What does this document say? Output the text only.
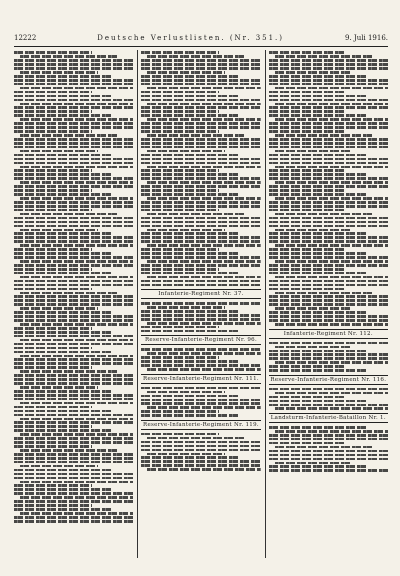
12222	Deutsche Verlustlisten. (Nr. 351.)	9. Juli 1916.
Infanterie-Regiment Nr. 37.
Reserve-Infanterie-Regiment Nr. 96.
Reserve-Infanterie-Regiment Nr. 111.
Reserve-Infanterie-Regiment Nr. 119.
Infanterie-Regiment Nr. 112.
Reserve-Infanterie-Regiment Nr. 116.
Landsturm-Infanterie-Bataillon Nr. 1.
